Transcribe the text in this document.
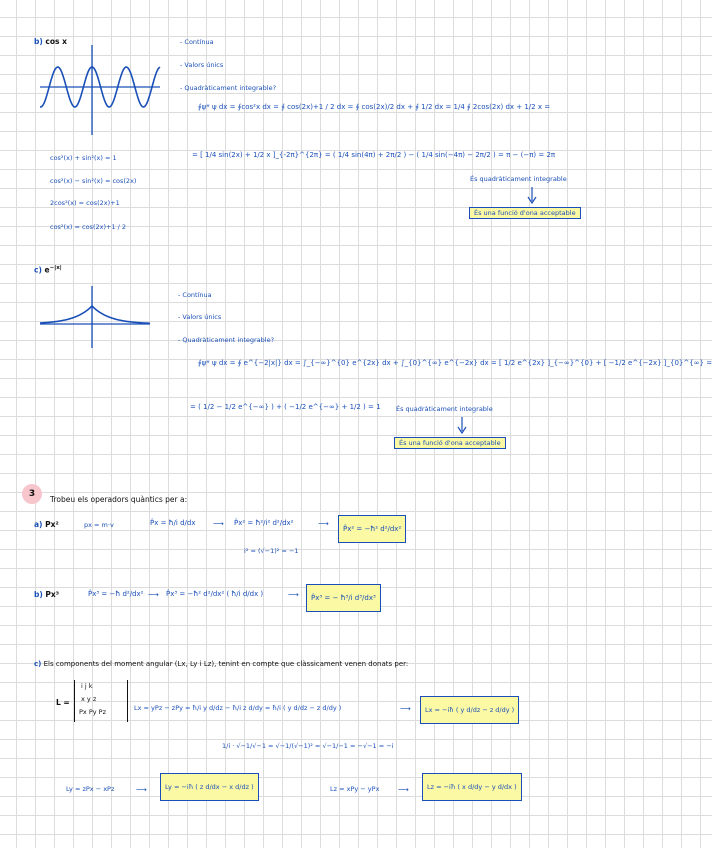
b) cos x	- Contínua
- Valors únics
- Quadràticament integrable?
∮ψ* ψ dx = ∮cos²x dx = ∮ cos(2x)+1 / 2 dx = ∮ cos(2x)/2 dx + ∮ 1/2 dx = 1/4 ∮ 2cos(2x) dx + 1/2 x =
= [ 1/4 sin(2x) + 1/2 x ]_{-2π}^{2π} = ( 1/4 sin(4π) + 2π/2 ) − ( 1/4 sin(−4π) − 2π/2 ) = π − (−π) = 2π
cos²(x) + sin²(x) = 1
cos²(x) − sin²(x) = cos(2x)
2cos²(x) = cos(2x)+1
cos²(x) = cos(2x)+1 / 2
És quadràticament integrable
És una funció d'ona acceptable
c) $e^{-|x|}$
- Contínua
- Valors únics
- Quadràticament integrable?
∮ψ* ψ dx = ∮ e^{−2|x|} dx = ∫_{−∞}^{0} e^{2x} dx + ∫_{0}^{∞} e^{−2x} dx = [ 1/2 e^{2x} ]_{−∞}^{0} + [ −1/2 e^{−2x} ]_{0}^{∞} =
= ( 1/2 − 1/2 e^{−∞} ) + ( −1/2 e^{−∞} + 1/2 ) = 1 És quadràticament integrable
És una funció d'ona acceptable
3
Trobeu els operadors quàntics per a:
a) Px²	px = m·v	P̂x = ħ/i d/dx ⟶ P̂x² = ħ²/i² d²/dx²	⟶
P̂x² = −ħ² d²/dx²
i² = (√−1)² = −1
b) Px³	P̂x³ = −ħ d²/dx² ⟶ P̂x³ = −ħ² d²/dx² ( ħ/i d/dx )	⟶	P̂x³ = − ħ³/i d³/dx³
c) Els components del moment angular (Lx, Ly i Lz), tenint en compte que clàssicament venen donats per:
L =
i j k
x y z
Px Py Pz	Lx = yPz − zPy = ħ/i y d/dz − ħ/i z d/dy = ħ/i ( y d/dz − z d/dy )	⟶	Lx = −iħ ( y d/dz − z d/dy )
1/i · √−1/√−1 = √−1/(√−1)² = √−1/−1 = −√−1 = −i
Ly = zPx − xPz	⟶	Ly = −iħ ( z d/dx − x d/dz )	Lz = xPy − yPx ⟶	Lz = −iħ ( x d/dy − y d/dx )
